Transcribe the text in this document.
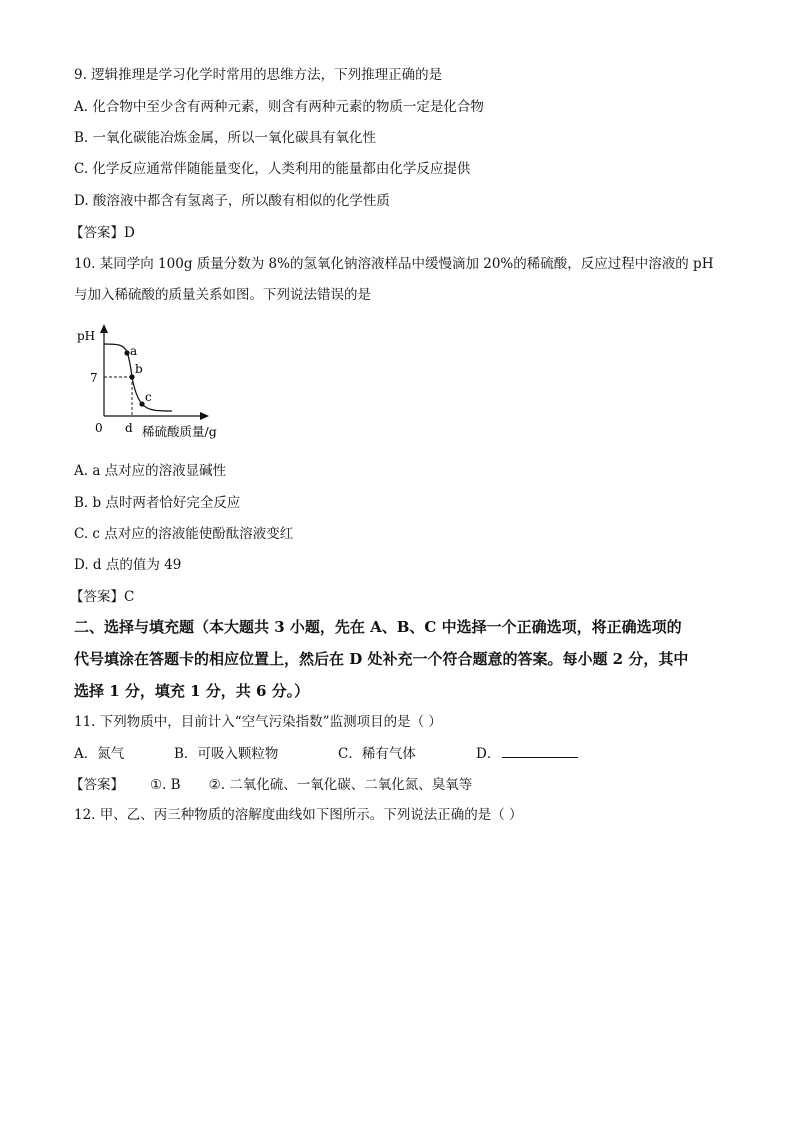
9. 逻辑推理是学习化学时常用的思维方法，下列推理正确的是
A. 化合物中至少含有两种元素，则含有两种元素的物质一定是化合物
B. 一氧化碳能冶炼金属，所以一氧化碳具有氧化性
C. 化学反应通常伴随能量变化，人类利用的能量都由化学反应提供
D. 酸溶液中都含有氢离子，所以酸有相似的化学性质
【答案】D
10. 某同学向 100g 质量分数为 8%的氢氧化钠溶液样品中缓慢滴加 20%的稀硫酸，反应过程中溶液的 pH
与加入稀硫酸的质量关系如图。下列说法错误的是
pH
7
0 d
a
b
c
稀硫酸质量/g
A. a 点对应的溶液显碱性
B. b 点时两者恰好完全反应
C. c 点对应的溶液能使酚酞溶液变红
D. d 点的值为 49
【答案】C
二、选择与填充题（本大题共 3 小题，先在 A、B、C 中选择一个正确选项，将正确选项的
代号填涂在答题卡的相应位置上，然后在 D 处补充一个符合题意的答案。每小题 2 分，其中
选择 1 分，填充 1 分，共 6 分。）
11. 下列物质中，目前计入“空气污染指数”监测项目的是（ ）
A．氮气	B．可吸入颗粒物	C．稀有气体	D．
【答案】 ①. B ②. 二氧化硫、一氧化碳、二氧化氮、臭氧等
12. 甲、乙、丙三种物质的溶解度曲线如下图所示。下列说法正确的是（ ）
